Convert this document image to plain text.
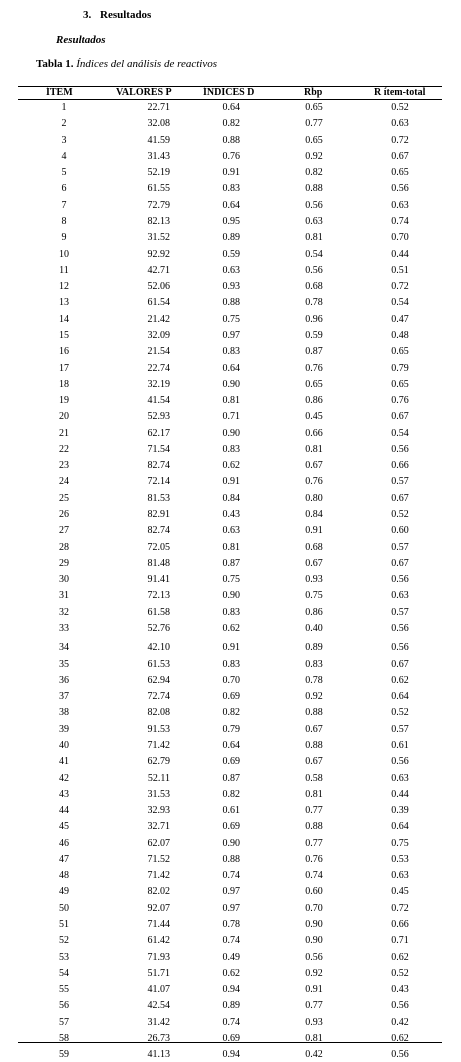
3. Resultados
Resultados
Tabla 1. Índices del análisis de reactivos
ÍTEM	VALORES P	ÍNDICES D	Rbp	R ítem-total
1	22.71	0.64	0.65	0.52
2	32.08	0.82	0.77	0.63
3	41.59	0.88	0.65	0.72
4	31.43	0.76	0.92	0.67
5	52.19	0.91	0.82	0.65
6	61.55	0.83	0.88	0.56
7	72.79	0.64	0.56	0.63
8	82.13	0.95	0.63	0.74
9	31.52	0.89	0.81	0.70
10	92.92	0.59	0.54	0.44
11	42.71	0.63	0.56	0.51
12	52.06	0.93	0.68	0.72
13	61.54	0.88	0.78	0.54
14	21.42	0.75	0.96	0.47
15	32.09	0.97	0.59	0.48
16	21.54	0.83	0.87	0.65
17	22.74	0.64	0.76	0.79
18	32.19	0.90	0.65	0.65
19	41.54	0.81	0.86	0.76
20	52.93	0.71	0.45	0.67
21	62.17	0.90	0.66	0.54
22	71.54	0.83	0.81	0.56
23	82.74	0.62	0.67	0.66
24	72.14	0.91	0.76	0.57
25	81.53	0.84	0.80	0.67
26	82.91	0.43	0.84	0.52
27	82.74	0.63	0.91	0.60
28	72.05	0.81	0.68	0.57
29	81.48	0.87	0.67	0.67
30	91.41	0.75	0.93	0.56
31	72.13	0.90	0.75	0.63
32	61.58	0.83	0.86	0.57
33	52.76	0.62	0.40	0.56
34	42.10	0.91	0.89	0.56
35	61.53	0.83	0.83	0.67
36	62.94	0.70	0.78	0.62
37	72.74	0.69	0.92	0.64
38	82.08	0.82	0.88	0.52
39	91.53	0.79	0.67	0.57
40	71.42	0.64	0.88	0.61
41	62.79	0.69	0.67	0.56
42	52.11	0.87	0.58	0.63
43	31.53	0.82	0.81	0.44
44	32.93	0.61	0.77	0.39
45	32.71	0.69	0.88	0.64
46	62.07	0.90	0.77	0.75
47	71.52	0.88	0.76	0.53
48	71.42	0.74	0.74	0.63
49	82.02	0.97	0.60	0.45
50	92.07	0.97	0.70	0.72
51	71.44	0.78	0.90	0.66
52	61.42	0.74	0.90	0.71
53	71.93	0.49	0.56	0.62
54	51.71	0.62	0.92	0.52
55	41.07	0.94	0.91	0.43
56	42.54	0.89	0.77	0.56
57	31.42	0.74	0.93	0.42
58	26.73	0.69	0.81	0.62
59	41.13	0.94	0.42	0.56
